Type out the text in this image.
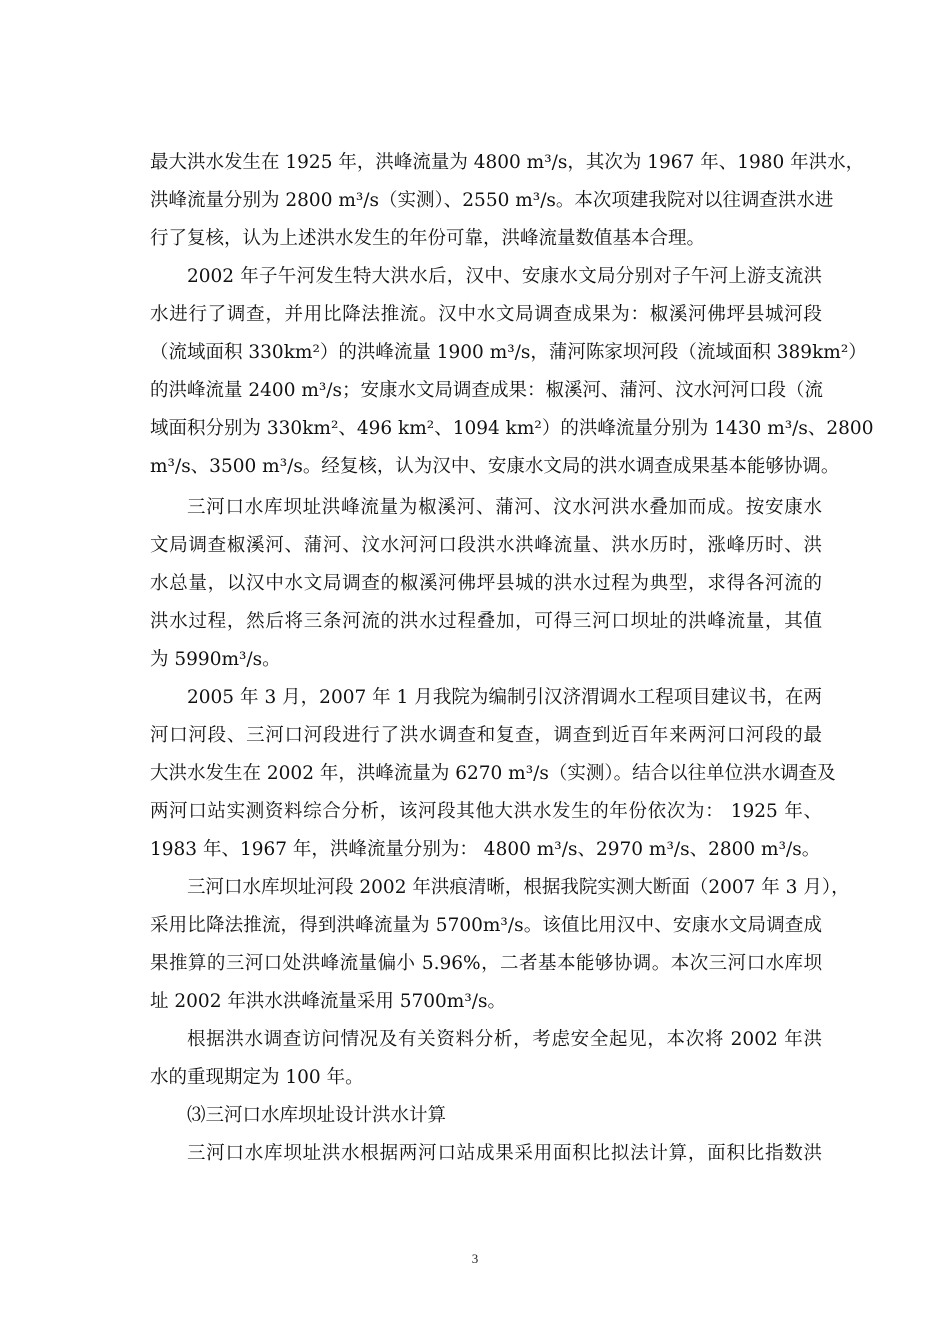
最大洪水发生在 1925 年，洪峰流量为 4800 m³/s，其次为 1967 年、1980 年洪水，
洪峰流量分别为 2800 m³/s（实测）、2550 m³/s。本次项建我院对以往调查洪水进
行了复核，认为上述洪水发生的年份可靠，洪峰流量数值基本合理。
2002 年子午河发生特大洪水后，汉中、安康水文局分别对子午河上游支流洪
水进行了调查，并用比降法推流。汉中水文局调查成果为：椒溪河佛坪县城河段
（流域面积 330km²）的洪峰流量 1900 m³/s，蒲河陈家坝河段（流域面积 389km²）
的洪峰流量 2400 m³/s；安康水文局调查成果：椒溪河、蒲河、汶水河河口段（流
域面积分别为 330km²、496 km²、1094 km²）的洪峰流量分别为 1430 m³/s、2800
m³/s、3500 m³/s。经复核，认为汉中、安康水文局的洪水调查成果基本能够协调。
三河口水库坝址洪峰流量为椒溪河、蒲河、汶水河洪水叠加而成。按安康水
文局调查椒溪河、蒲河、汶水河河口段洪水洪峰流量、洪水历时，涨峰历时、洪
水总量，以汉中水文局调查的椒溪河佛坪县城的洪水过程为典型，求得各河流的
洪水过程，然后将三条河流的洪水过程叠加，可得三河口坝址的洪峰流量，其值
为 5990m³/s。
2005 年 3 月，2007 年 1 月我院为编制引汉济渭调水工程项目建议书，在两
河口河段、三河口河段进行了洪水调查和复查，调查到近百年来两河口河段的最
大洪水发生在 2002 年，洪峰流量为 6270 m³/s（实测）。结合以往单位洪水调查及
两河口站实测资料综合分析，该河段其他大洪水发生的年份依次为： 1925 年、
1983 年、1967 年，洪峰流量分别为： 4800 m³/s、2970 m³/s、2800 m³/s。
三河口水库坝址河段 2002 年洪痕清晰，根据我院实测大断面（2007 年 3 月），
采用比降法推流，得到洪峰流量为 5700m³/s。该值比用汉中、安康水文局调查成
果推算的三河口处洪峰流量偏小 5.96%，二者基本能够协调。本次三河口水库坝
址 2002 年洪水洪峰流量采用 5700m³/s。
根据洪水调查访问情况及有关资料分析，考虑安全起见，本次将 2002 年洪
水的重现期定为 100 年。
⑶三河口水库坝址设计洪水计算
三河口水库坝址洪水根据两河口站成果采用面积比拟法计算，面积比指数洪
3
